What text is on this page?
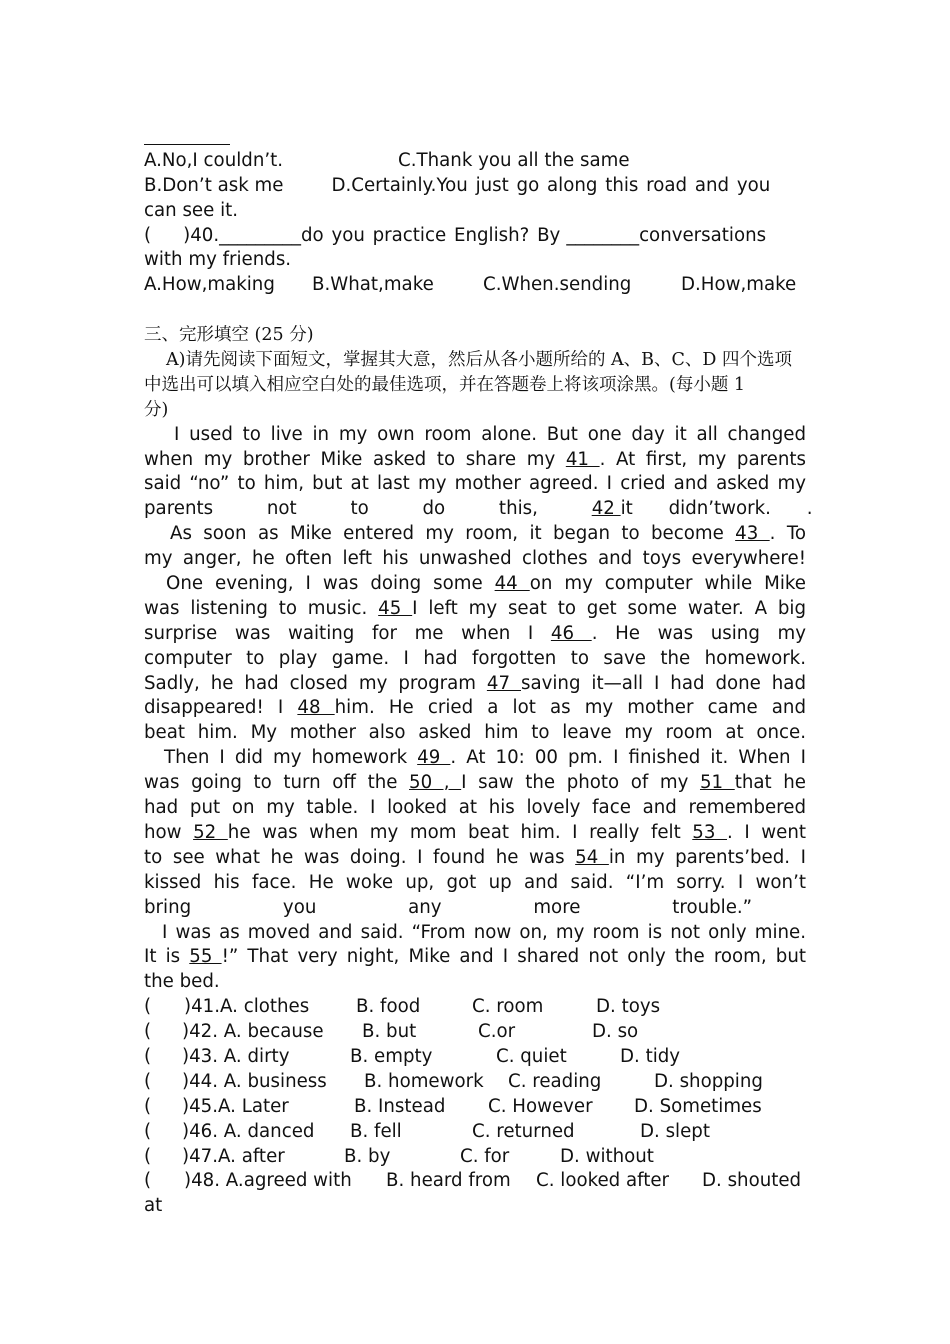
A.No,I couldn’t.	C.Thank you all the same
B.Don’t ask me	D.Certainly.You just go along this road and you
can see it.
( )40._________do you practice English? By ________conversations
with my friends.
A.How,making B.What,make	C.When.sending	D.How,make
三、完形填空 (25 分)
A)请先阅读下面短文，掌握其大意，然后从各小题所给的 A、B、C、D 四个选项
中选出可以填入相应空白处的最佳选项，并在答题卷上将该项涂黑。(每小题 1
分)
I used to live in my own room alone. But one day it all changed
when my brother Mike asked to share my 41 . At first, my parents
said “no” to him, but at last my mother agreed. I cried and asked my
parents not to do this, 42 it didn’twork. .
As soon as Mike entered my room, it began to become 43 . To
my anger, he often left his unwashed clothes and toys everywhere!
One evening, I was doing some 44 on my computer while Mike
was listening to music. 45 I left my seat to get some water. A big
surprise was waiting for me when I 46 . He was using my
computer to play game. I had forgotten to save the homework.
Sadly, he had closed my program 47 saving it—all I had done had
disappeared! I 48 him. He cried a lot as my mother came and
beat him. My mother also asked him to leave my room at once.
Then I did my homework 49 . At 10: 00 pm. I finished it. When I
was going to turn off the 50 , I saw the photo of my 51 that he
had put on my table. I looked at his lovely face and remembered
how 52 he was when my mom beat him. I really felt 53 . I went
to see what he was doing. I found he was 54 in my parents’bed. I
kissed his face. He woke up, got up and said. “I’m sorry. I won’t
bring you any more trouble.”
I was as moved and said. “From now on, my room is not only mine.
It is 55 !” That very night, Mike and I shared not only the room, but
the bed.
( )41.A. clothes	B. food	C. room	D. toys
( )42. A. because B. but	C.or	D. so
( )43. A. dirty	B. empty	C. quiet	D. tidy
( )44. A. business B. homework C. reading	D. shopping
( )45.A. Later	B. Instead C. However D. Sometimes
( )46. A. danced B. fell	C. returned	D. slept
( )47.A. after	B. by	C. for	D. without
( )48. A.agreed with B. heard from C. looked after D. shouted
at
